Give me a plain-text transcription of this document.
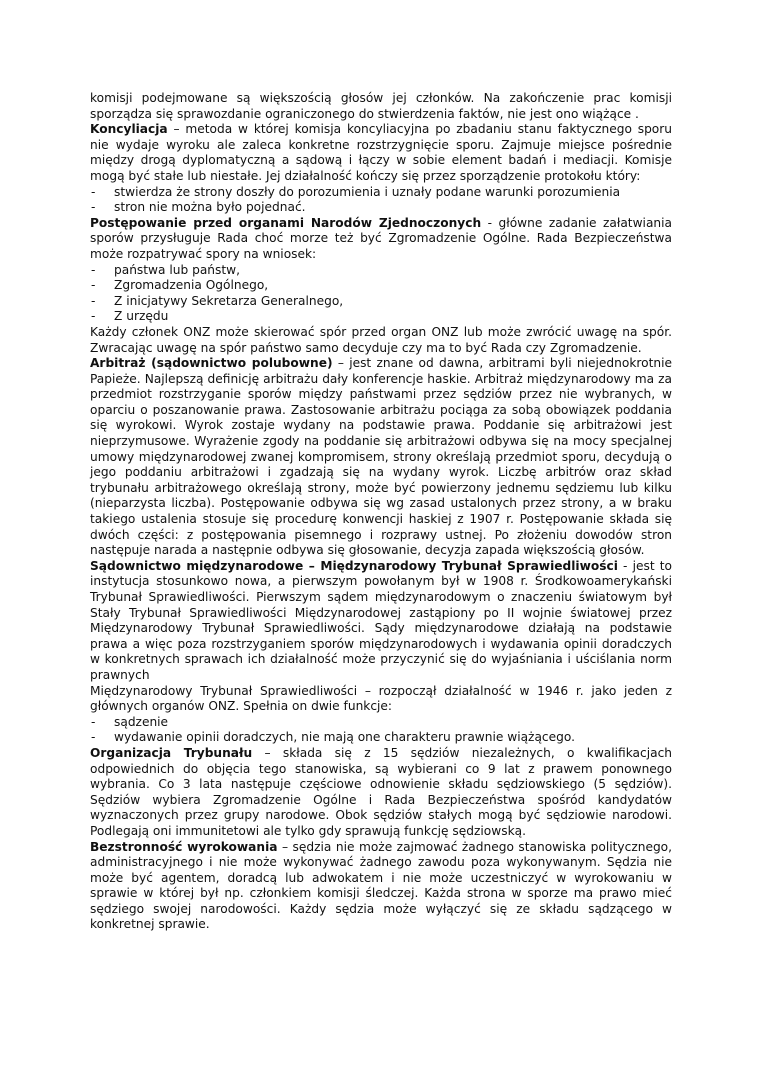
komisji podejmowane są większością głosów jej członków. Na zakończenie prac komisji sporządza się sprawozdanie ograniczonego do stwierdzenia faktów, nie jest ono wiążące .

Koncyliacja – metoda w której komisja koncyliacyjna po zbadaniu stanu faktycznego sporu nie wydaje wyroku ale zaleca konkretne rozstrzygnięcie sporu. Zajmuje miejsce pośrednie między drogą dyplomatyczną a sądową i łączy w sobie element badań i mediacji. Komisje mogą być stałe lub niestałe. Jej działalność kończy się przez sporządzenie protokołu który:

- stwierdza że strony doszły do porozumienia i uznały podane warunki porozumienia
- stron nie można było pojednać.

Postępowanie przed organami Narodów Zjednoczonych - główne zadanie załatwiania sporów przysługuje Rada choć morze też być Zgromadzenie Ogólne. Rada Bezpieczeństwa może rozpatrywać spory na wniosek:

- państwa lub państw,
- Zgromadzenia Ogólnego,
- Z inicjatywy Sekretarza Generalnego,
- Z urzędu

Każdy członek ONZ może skierować spór przed organ ONZ lub może zwrócić uwagę na spór. Zwracając uwagę na spór państwo samo decyduje czy ma to być Rada czy Zgromadzenie.

Arbitraż (sądownictwo polubowne) – jest znane od dawna, arbitrami byli niejednokrotnie Papieże. Najlepszą definicję arbitrażu dały konferencje haskie. Arbitraż międzynarodowy ma za przedmiot rozstrzyganie sporów między państwami przez sędziów przez nie wybranych, w oparciu o poszanowanie prawa. Zastosowanie arbitrażu pociąga za sobą obowiązek poddania się wyrokowi. Wyrok zostaje wydany na podstawie prawa. Poddanie się arbitrażowi jest nieprzymusowe. Wyrażenie zgody na poddanie się arbitrażowi odbywa się na mocy specjalnej umowy międzynarodowej zwanej kompromisem, strony określają przedmiot sporu, decydują o jego poddaniu arbitrażowi i zgadzają się na wydany wyrok. Liczbę arbitrów oraz skład trybunału arbitrażowego określają strony, może być powierzony jednemu sędziemu lub kilku (nieparzysta liczba). Postępowanie odbywa się wg zasad ustalonych przez strony, a w braku takiego ustalenia stosuje się procedurę konwencji haskiej z 1907 r. Postępowanie składa się dwóch części: z postępowania pisemnego i rozprawy ustnej. Po złożeniu dowodów stron następuje narada a następnie odbywa się głosowanie, decyzja zapada większością głosów.

Sądownictwo międzynarodowe – Międzynarodowy Trybunał Sprawiedliwości - jest to instytucja stosunkowo nowa, a pierwszym powołanym był w 1908 r. Środkowoamerykański Trybunał Sprawiedliwości. Pierwszym sądem międzynarodowym o znaczeniu światowym był Stały Trybunał Sprawiedliwości Międzynarodowej zastąpiony po II wojnie światowej przez Międzynarodowy Trybunał Sprawiedliwości. Sądy międzynarodowe działają na podstawie prawa a więc poza rozstrzyganiem sporów międzynarodowych i wydawania opinii doradczych w konkretnych sprawach ich działalność może przyczynić się do wyjaśniania i uściślania norm prawnych

Międzynarodowy Trybunał Sprawiedliwości – rozpoczął działalność w 1946 r. jako jeden z głównych organów ONZ. Spełnia on dwie funkcje:

- sądzenie
- wydawanie opinii doradczych, nie mają one charakteru prawnie wiążącego.

Organizacja Trybunału – składa się z 15 sędziów niezależnych, o kwalifikacjach odpowiednich do objęcia tego stanowiska, są wybierani co 9 lat z prawem ponownego wybrania. Co 3 lata następuje częściowe odnowienie składu sędziowskiego (5 sędziów). Sędziów wybiera Zgromadzenie Ogólne i Rada Bezpieczeństwa spośród kandydatów wyznaczonych przez grupy narodowe. Obok sędziów stałych mogą być sędziowie narodowi. Podlegają oni immunitetowi ale tylko gdy sprawują funkcję sędziowską.

Bezstronność wyrokowania – sędzia nie może zajmować żadnego stanowiska politycznego, administracyjnego i nie może wykonywać żadnego zawodu poza wykonywanym. Sędzia nie może być agentem, doradcą lub adwokatem i nie może uczestniczyć w wyrokowaniu w sprawie w której był np. członkiem komisji śledczej. Każda strona w sporze ma prawo mieć sędziego swojej narodowości. Każdy sędzia może wyłączyć się ze składu sądzącego w konkretnej sprawie.
